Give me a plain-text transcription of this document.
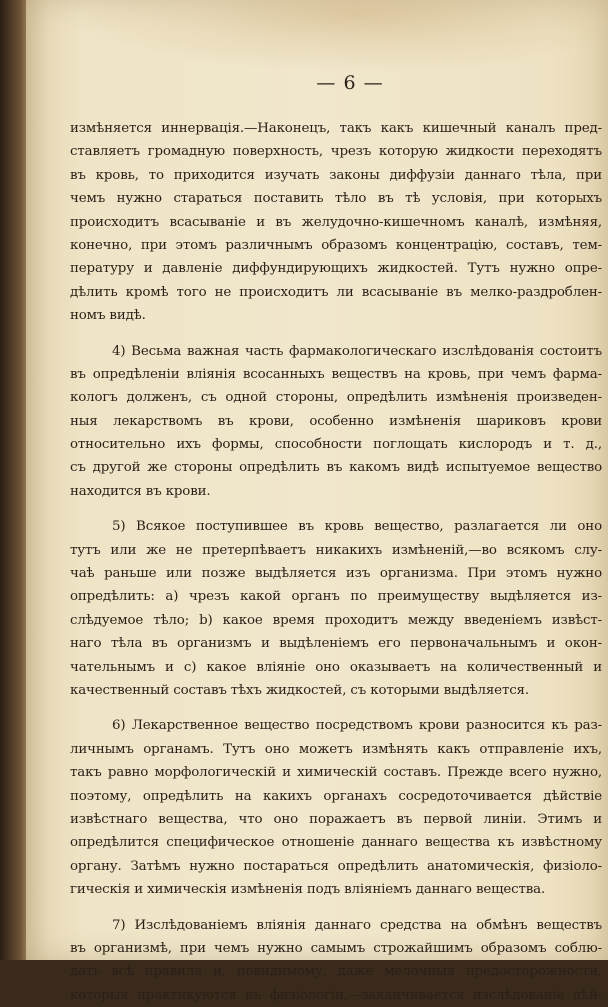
— 6 —
измѣняется иннервація.—Наконецъ, такъ какъ кишечный каналъ пред-
ставляетъ громадную поверхность, чрезъ которую жидкости переходятъ
въ кровь, то приходится изучать законы диффузіи даннаго тѣла, при
чемъ нужно стараться поставить тѣло въ тѣ условія, при которыхъ
происходитъ всасываніе и въ желудочно-кишечномъ каналѣ, измѣняя,
конечно, при этомъ различнымъ образомъ концентрацію, составъ, тем-
пературу и давленіе диффундирующихъ жидкостей. Тутъ нужно опре-
дѣлить кромѣ того не происходитъ ли всасываніе въ мелко-раздроблен-
номъ видѣ.
4) Весьма важная часть фармакологическаго изслѣдованія состоитъ
въ опредѣленіи вліянія всосанныхъ веществъ на кровь, при чемъ фарма-
кологъ долженъ, съ одной стороны, опредѣлить измѣненія произведен-
ныя лекарствомъ въ крови, особенно измѣненія шариковъ крови
относительно ихъ формы, способности поглощать кислородъ и т. д.,
съ другой же стороны опредѣлить въ какомъ видѣ испытуемое вещество
находится въ крови.
5) Всякое поступившее въ кровь вещество, разлагается ли оно
тутъ или же не претерпѣваетъ никакихъ измѣненій,—во всякомъ слу-
чаѣ раньше или позже выдѣляется изъ организма. При этомъ нужно
опредѣлить: a) чрезъ какой органъ по преимуществу выдѣляется из-
слѣдуемое тѣло; b) какое время проходитъ между введеніемъ извѣст-
наго тѣла въ организмъ и выдѣленіемъ его первоначальнымъ и окон-
чательнымъ и c) какое вліяніе оно оказываетъ на количественный и
качественный составъ тѣхъ жидкостей, съ которыми выдѣляется.
6) Лекарственное вещество посредствомъ крови разносится къ раз-
личнымъ органамъ. Тутъ оно можетъ измѣнять какъ отправленіе ихъ,
такъ равно морфологическій и химическій составъ. Прежде всего нужно,
поэтому, опредѣлить на какихъ органахъ сосредоточивается дѣйствіе
извѣстнаго вещества, что оно поражаетъ въ первой линіи. Этимъ и
опредѣлится специфическое отношеніе даннаго вещества къ извѣстному
органу. Затѣмъ нужно постараться опредѣлить анатомическія, физіоло-
гическія и химическія измѣненія подъ вліяніемъ даннаго вещества.
7) Изслѣдованіемъ вліянія даннаго средства на обмѣнъ веществъ
въ организмѣ, при чемъ нужно самымъ строжайшимъ образомъ соблю-
дать всѣ правила и, повидимому, даже мелочныя предосторожности,
которыя практикуются въ физіологіи,—заканчивается изслѣдованіе дѣй-
